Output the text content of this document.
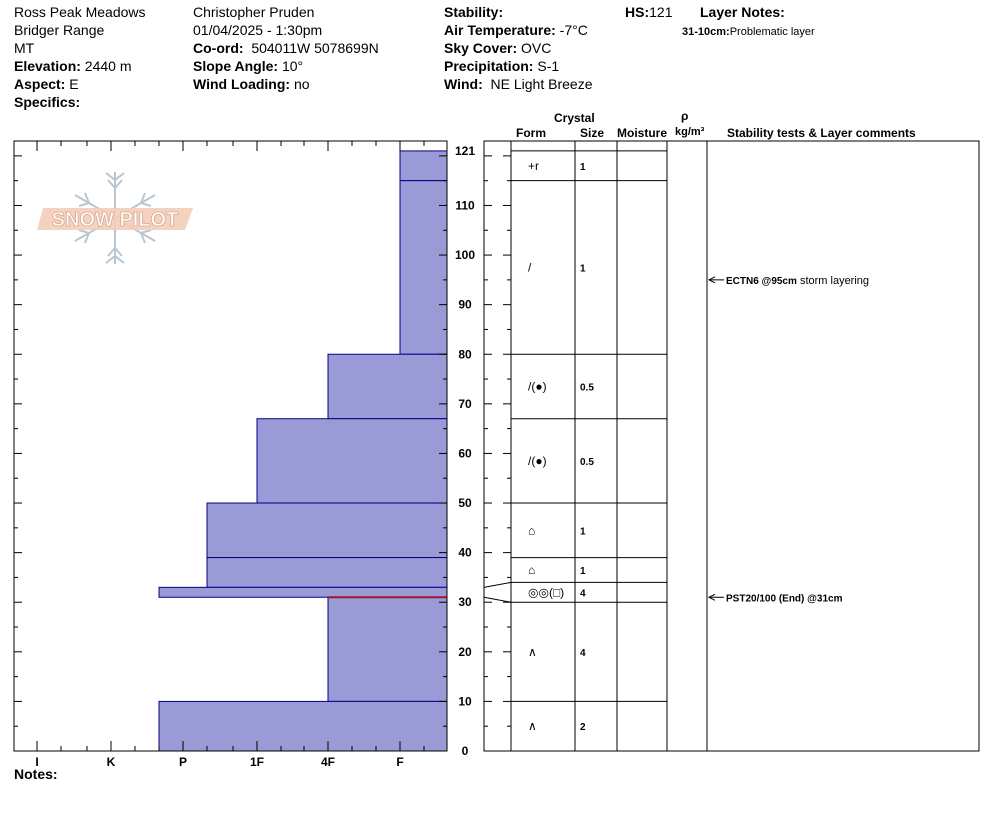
Ross Peak Meadows
Bridger Range
MT
Elevation: 2440 m
Aspect: E
Specifics:
Christopher Pruden
01/04/2025 - 1:30pm
Co-ord: 504011W 5078699N
Slope Angle: 10°
Wind Loading: no
Stability:
Air Temperature: -7°C
Sky Cover: OVC
Precipitation: S-1
Wind: NE Light Breeze
HS:121 Layer Notes:
31-10cm:Problematic layer
Crystal
Form	Size Moisture
ρ
kg/m³ Stability tests & Layer comments
Notes:
SNOW PILOT
0
10
20
30
40
50
60
70
80
90
100
110
121
I	K	P	1F	4F	F
+r	1
/	1
/(●)	0.5
/(●)	0.5
⌂	1
⌂	1
◎◎(□) 4
∧	4
∧	2
ECTN6 @95cm storm layering
PST20/100 (End) @31cm
